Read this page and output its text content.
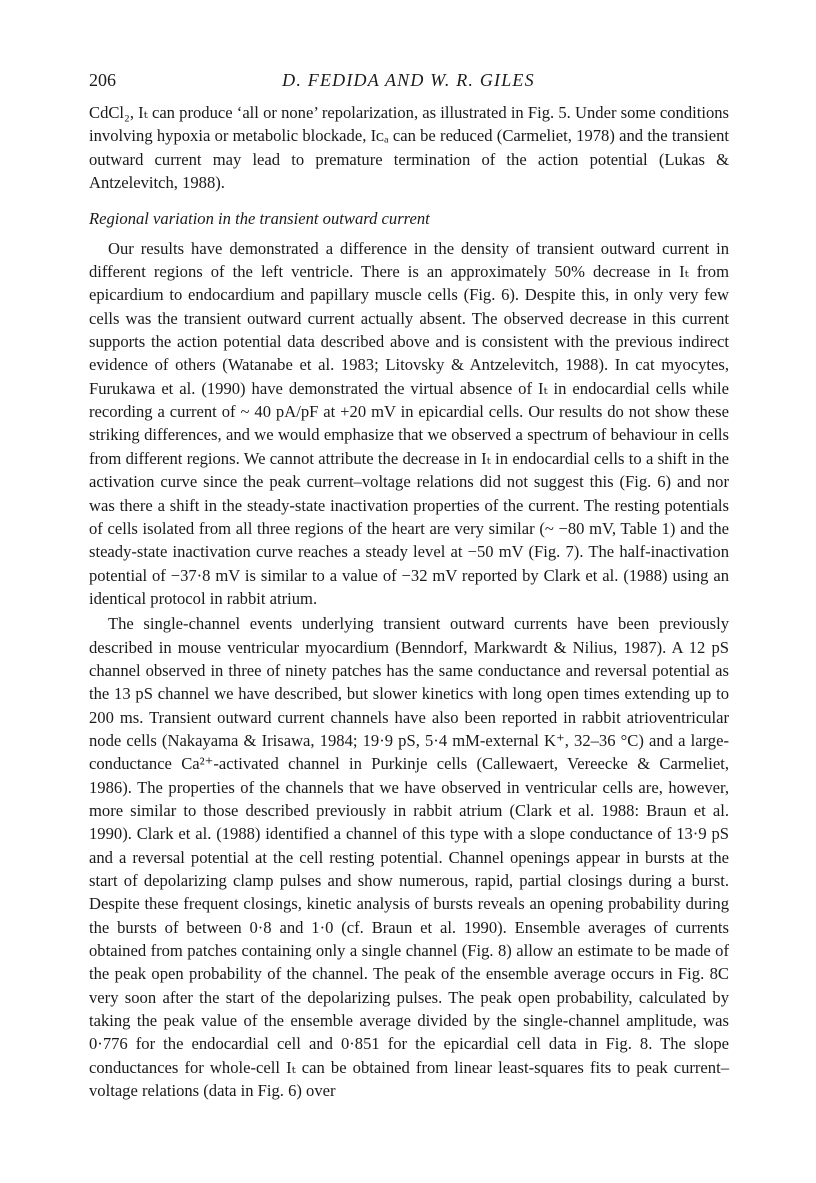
206	D. FEDIDA AND W. R. GILES

CdCl₂, Iₜ can produce ‘all or none’ repolarization, as illustrated in Fig. 5. Under some conditions involving hypoxia or metabolic blockade, Iᴄₐ can be reduced (Carmeliet, 1978) and the transient outward current may lead to premature termination of the action potential (Lukas & Antzelevitch, 1988).

Regional variation in the transient outward current

Our results have demonstrated a difference in the density of transient outward current in different regions of the left ventricle. There is an approximately 50% decrease in Iₜ from epicardium to endocardium and papillary muscle cells (Fig. 6). Despite this, in only very few cells was the transient outward current actually absent. The observed decrease in this current supports the action potential data described above and is consistent with the previous indirect evidence of others (Watanabe et al. 1983; Litovsky & Antzelevitch, 1988). In cat myocytes, Furukawa et al. (1990) have demonstrated the virtual absence of Iₜ in endocardial cells while recording a current of ~ 40 pA/pF at +20 mV in epicardial cells. Our results do not show these striking differences, and we would emphasize that we observed a spectrum of behaviour in cells from different regions. We cannot attribute the decrease in Iₜ in endocardial cells to a shift in the activation curve since the peak current–voltage relations did not suggest this (Fig. 6) and nor was there a shift in the steady-state inactivation properties of the current. The resting potentials of cells isolated from all three regions of the heart are very similar (~ −80 mV, Table 1) and the steady-state inactivation curve reaches a steady level at −50 mV (Fig. 7). The half-inactivation potential of −37·8 mV is similar to a value of −32 mV reported by Clark et al. (1988) using an identical protocol in rabbit atrium.

The single-channel events underlying transient outward currents have been previously described in mouse ventricular myocardium (Benndorf, Markwardt & Nilius, 1987). A 12 pS channel observed in three of ninety patches has the same conductance and reversal potential as the 13 pS channel we have described, but slower kinetics with long open times extending up to 200 ms. Transient outward current channels have also been reported in rabbit atrioventricular node cells (Nakayama & Irisawa, 1984; 19·9 pS, 5·4 mM-external K⁺, 32–36 °C) and a large-conductance Ca²⁺-activated channel in Purkinje cells (Callewaert, Vereecke & Carmeliet, 1986). The properties of the channels that we have observed in ventricular cells are, however, more similar to those described previously in rabbit atrium (Clark et al. 1988: Braun et al. 1990). Clark et al. (1988) identified a channel of this type with a slope conductance of 13·9 pS and a reversal potential at the cell resting potential. Channel openings appear in bursts at the start of depolarizing clamp pulses and show numerous, rapid, partial closings during a burst. Despite these frequent closings, kinetic analysis of bursts reveals an opening probability during the bursts of between 0·8 and 1·0 (cf. Braun et al. 1990). Ensemble averages of currents obtained from patches containing only a single channel (Fig. 8) allow an estimate to be made of the peak open probability of the channel. The peak of the ensemble average occurs in Fig. 8C very soon after the start of the depolarizing pulses. The peak open probability, calculated by taking the peak value of the ensemble average divided by the single-channel amplitude, was 0·776 for the endocardial cell and 0·851 for the epicardial cell data in Fig. 8. The slope conductances for whole-cell Iₜ can be obtained from linear least-squares fits to peak current–voltage relations (data in Fig. 6) over
